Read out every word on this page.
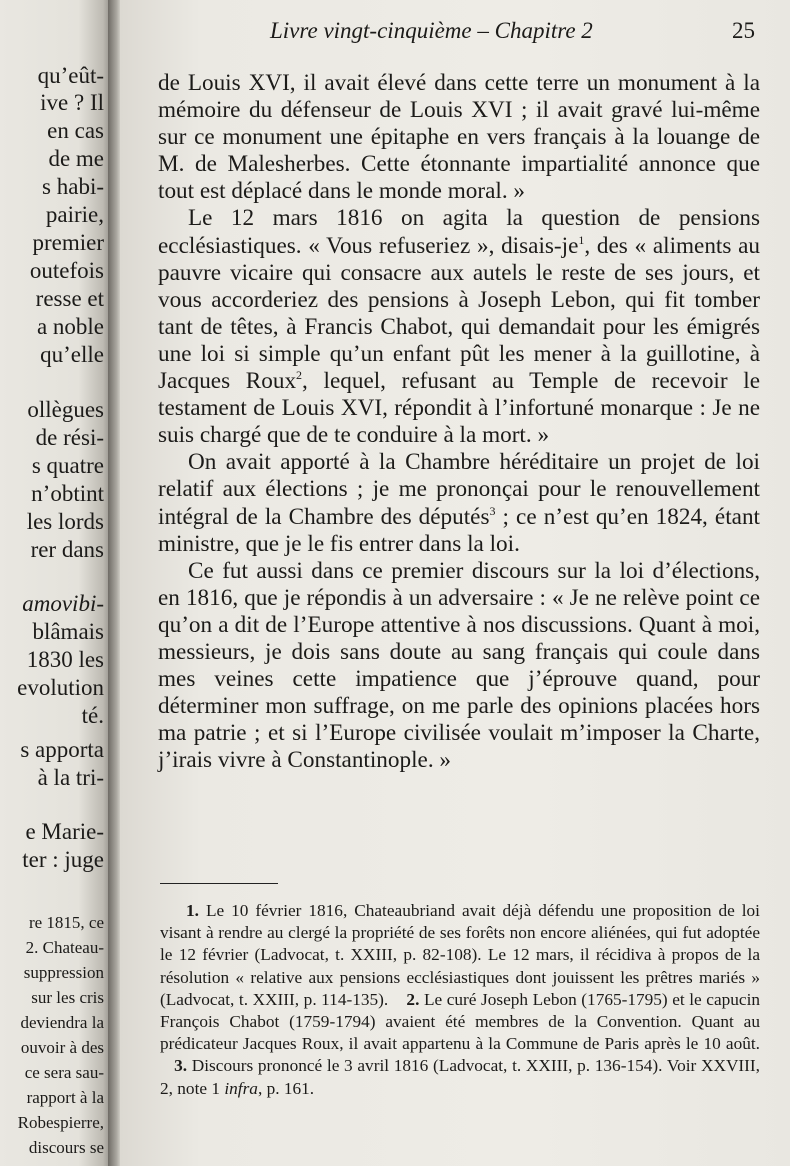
qu’eût-
ive ? Il
en cas
de me
s habi-
pairie,
premier
outefois
resse et
a noble
qu’elle
ollègues
de rési-
s quatre
n’obtint
les lords
rer dans
amovibi-
blâmais
1830 les
evolution
té.
s apporta
à la tri-
e Marie-
ter : juge
re 1815, ce
2. Chateau-
suppression
sur les cris
deviendra la
ouvoir à des
ce sera sau-
rapport à la
Robespierre,
discours se
Livre vingt-cinquième – Chapitre 2	25

de Louis XVI, il avait élevé dans cette terre un monument à la mémoire du défenseur de Louis XVI ; il avait gravé lui-même sur ce monument une épitaphe en vers français à la louange de M. de Malesherbes. Cette étonnante impartialité annonce que tout est déplacé dans le monde moral. »

Le 12 mars 1816 on agita la question de pensions ecclésiastiques. « Vous refuseriez », disais-$je^1$, des « aliments au pauvre vicaire qui consacre aux autels le reste de ses jours, et vous accorderiez des pensions à Joseph Lebon, qui fit tomber tant de têtes, à Francis Chabot, qui demandait pour les émigrés une loi si simple qu’un enfant pût les mener à la guillotine, à Jacques Roux$^2$, lequel, refusant au Temple de recevoir le testament de Louis XVI, répondit à l’infortuné monarque : Je ne suis chargé que de te conduire à la mort. »

On avait apporté à la Chambre héréditaire un projet de loi relatif aux élections ; je me prononçai pour le renouvellement intégral de la Chambre des députés$^3$ ; ce n’est qu’en 1824, étant ministre, que je le fis entrer dans la loi.

Ce fut aussi dans ce premier discours sur la loi d’élections, en 1816, que je répondis à un adversaire : « Je ne relève point ce qu’on a dit de l’Europe attentive à nos discussions. Quant à moi, messieurs, je dois sans doute au sang français qui coule dans mes veines cette impatience que j’éprouve quand, pour déterminer mon suffrage, on me parle des opinions placées hors ma patrie ; et si l’Europe civilisée voulait m’imposer la Charte, j’irais vivre à Constantinople. »

1. Le 10 février 1816, Chateaubriand avait déjà défendu une proposition de loi visant à rendre au clergé la propriété de ses forêts non encore aliénées, qui fut adoptée le 12 février (Ladvocat, t. XXIII, p. 82-108). Le 12 mars, il récidiva à propos de la résolution « relative aux pensions ecclésiastiques dont jouissent les prêtres mariés » (Ladvocat, t. XXIII, p. 114-135). 2. Le curé Joseph Lebon (1765-1795) et le capucin François Chabot (1759-1794) avaient été membres de la Convention. Quant au prédicateur Jacques Roux, il avait appartenu à la Commune de Paris après le 10 août.    3. Discours prononcé le 3 avril 1816 (Ladvocat, t. XXIII, p. 136-154). Voir XXVIII, 2, note 1 infra, p. 161.
